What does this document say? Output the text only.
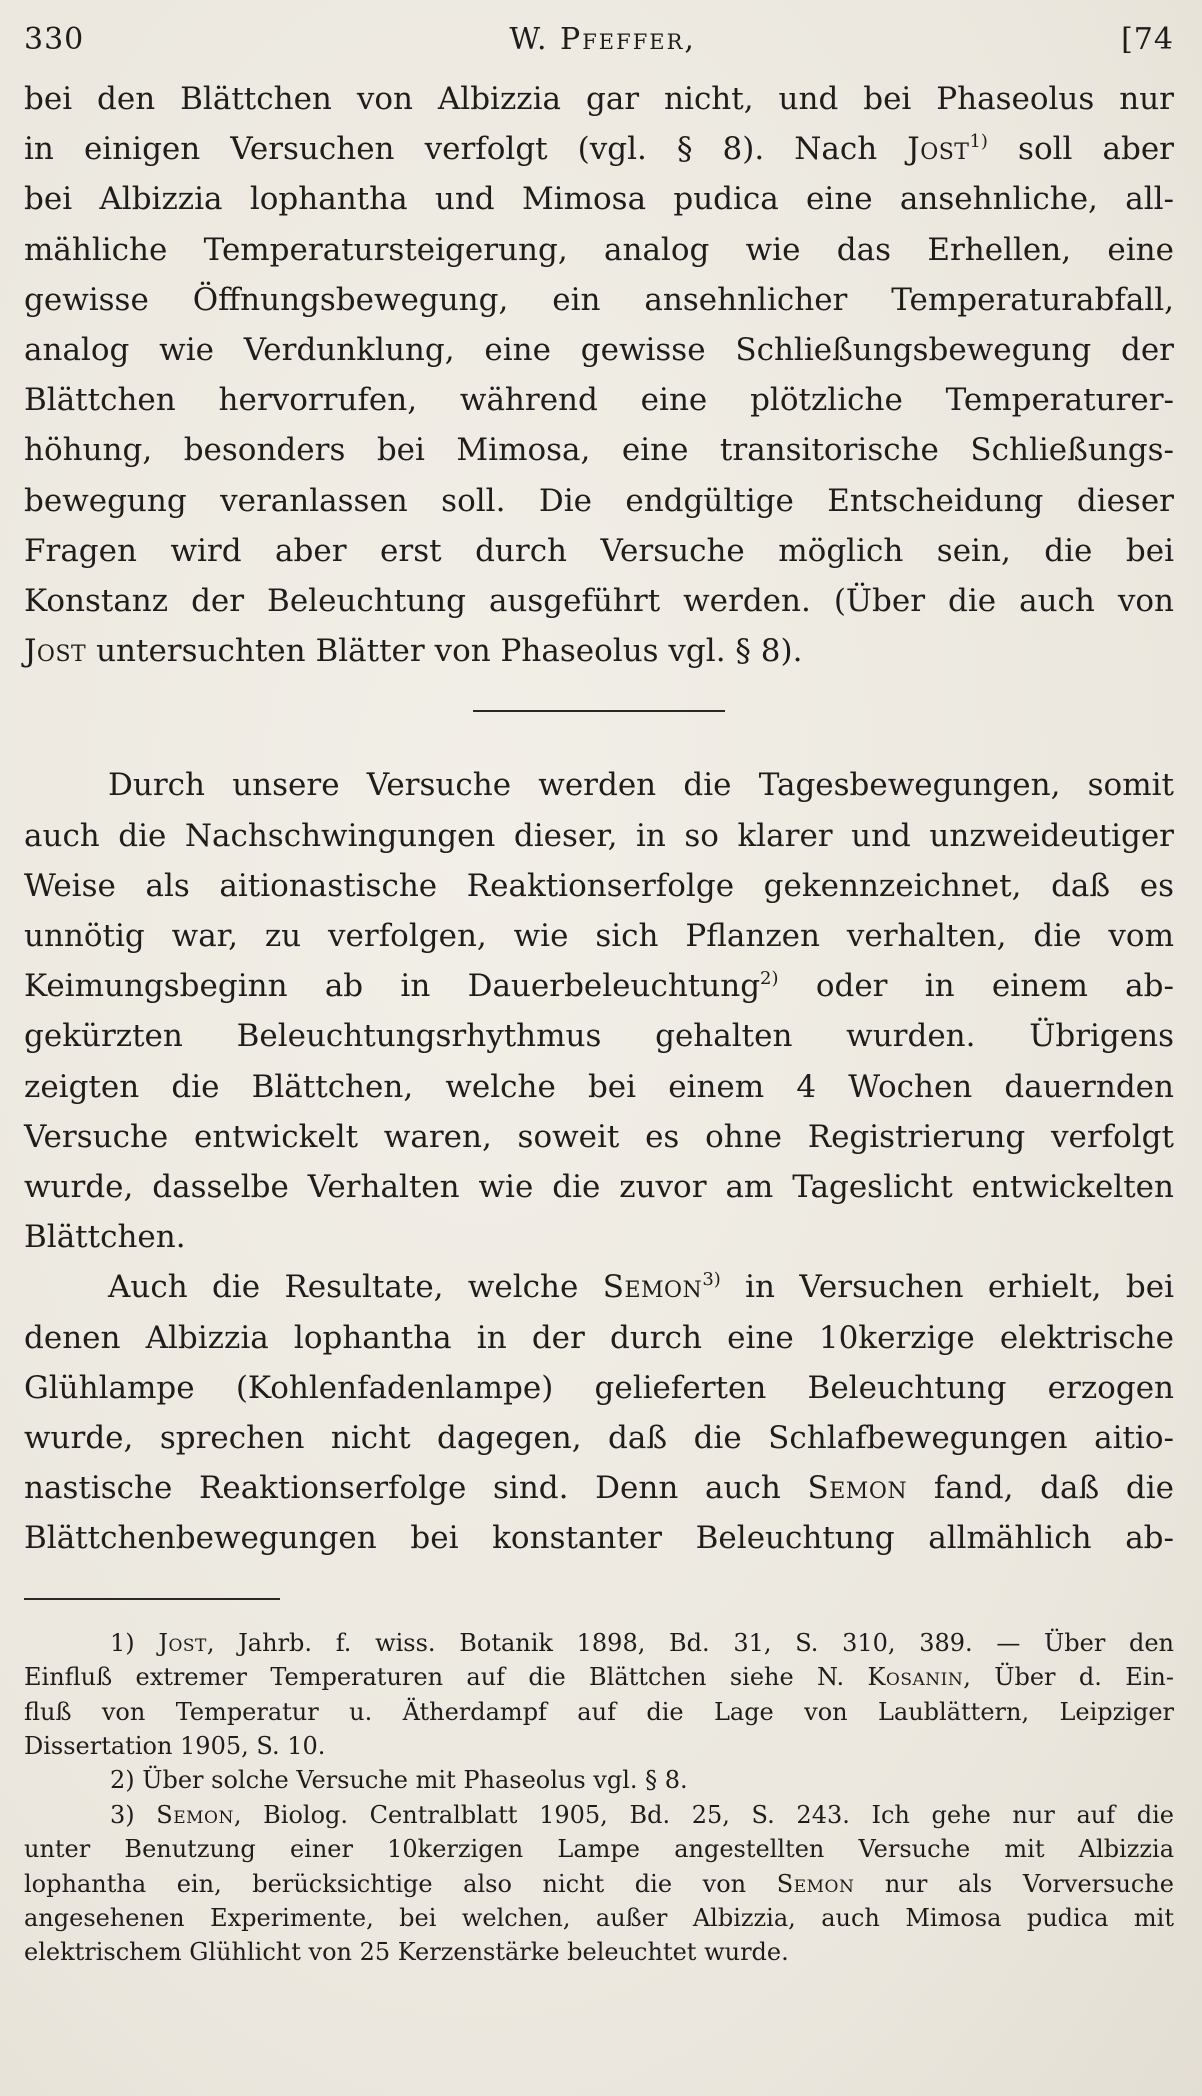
330	W. Pfeffer,	[74
bei den Blättchen von Albizzia gar nicht, und bei Phaseolus nur
in einigen Versuchen verfolgt (vgl. § 8). Nach Jost$^{1)}$ soll aber
bei Albizzia lophantha und Mimosa pudica eine ansehnliche, all-
mähliche Temperatursteigerung, analog wie das Erhellen, eine
gewisse Öffnungsbewegung, ein ansehnlicher Temperaturabfall,
analog wie Verdunklung, eine gewisse Schließungsbewegung der
Blättchen hervorrufen, während eine plötzliche Temperaturer-
höhung, besonders bei Mimosa, eine transitorische Schließungs-
bewegung veranlassen soll. Die endgültige Entscheidung dieser
Fragen wird aber erst durch Versuche möglich sein, die bei
Konstanz der Beleuchtung ausgeführt werden. (Über die auch von
Jost untersuchten Blätter von Phaseolus vgl. § 8).
Durch unsere Versuche werden die Tagesbewegungen, somit
auch die Nachschwingungen dieser, in so klarer und unzweideutiger
Weise als aitionastische Reaktionserfolge gekennzeichnet, daß es
unnötig war, zu verfolgen, wie sich Pflanzen verhalten, die vom
Keimungsbeginn ab in Dauerbeleuchtung$^{2)}$ oder in einem ab-
gekürzten Beleuchtungsrhythmus gehalten wurden. Übrigens
zeigten die Blättchen, welche bei einem 4 Wochen dauernden
Versuche entwickelt waren, soweit es ohne Registrierung verfolgt
wurde, dasselbe Verhalten wie die zuvor am Tageslicht entwickelten
Blättchen.
Auch die Resultate, welche Semon$^{3)}$ in Versuchen erhielt, bei
denen Albizzia lophantha in der durch eine 10kerzige elektrische
Glühlampe (Kohlenfadenlampe) gelieferten Beleuchtung erzogen
wurde, sprechen nicht dagegen, daß die Schlafbewegungen aitio-
nastische Reaktionserfolge sind. Denn auch Semon fand, daß die
Blättchenbewegungen bei konstanter Beleuchtung allmählich ab-
1) Jost, Jahrb. f. wiss. Botanik 1898, Bd. 31, S. 310, 389. — Über den
Einfluß extremer Temperaturen auf die Blättchen siehe N. Kosanin, Über d. Ein-
fluß von Temperatur u. Ätherdampf auf die Lage von Laublättern, Leipziger
Dissertation 1905, S. 10.
2) Über solche Versuche mit Phaseolus vgl. § 8.
3) Semon, Biolog. Centralblatt 1905, Bd. 25, S. 243. Ich gehe nur auf die
unter Benutzung einer 10kerzigen Lampe angestellten Versuche mit Albizzia
lophantha ein, berücksichtige also nicht die von Semon nur als Vorversuche
angesehenen Experimente, bei welchen, außer Albizzia, auch Mimosa pudica mit
elektrischem Glühlicht von 25 Kerzenstärke beleuchtet wurde.
